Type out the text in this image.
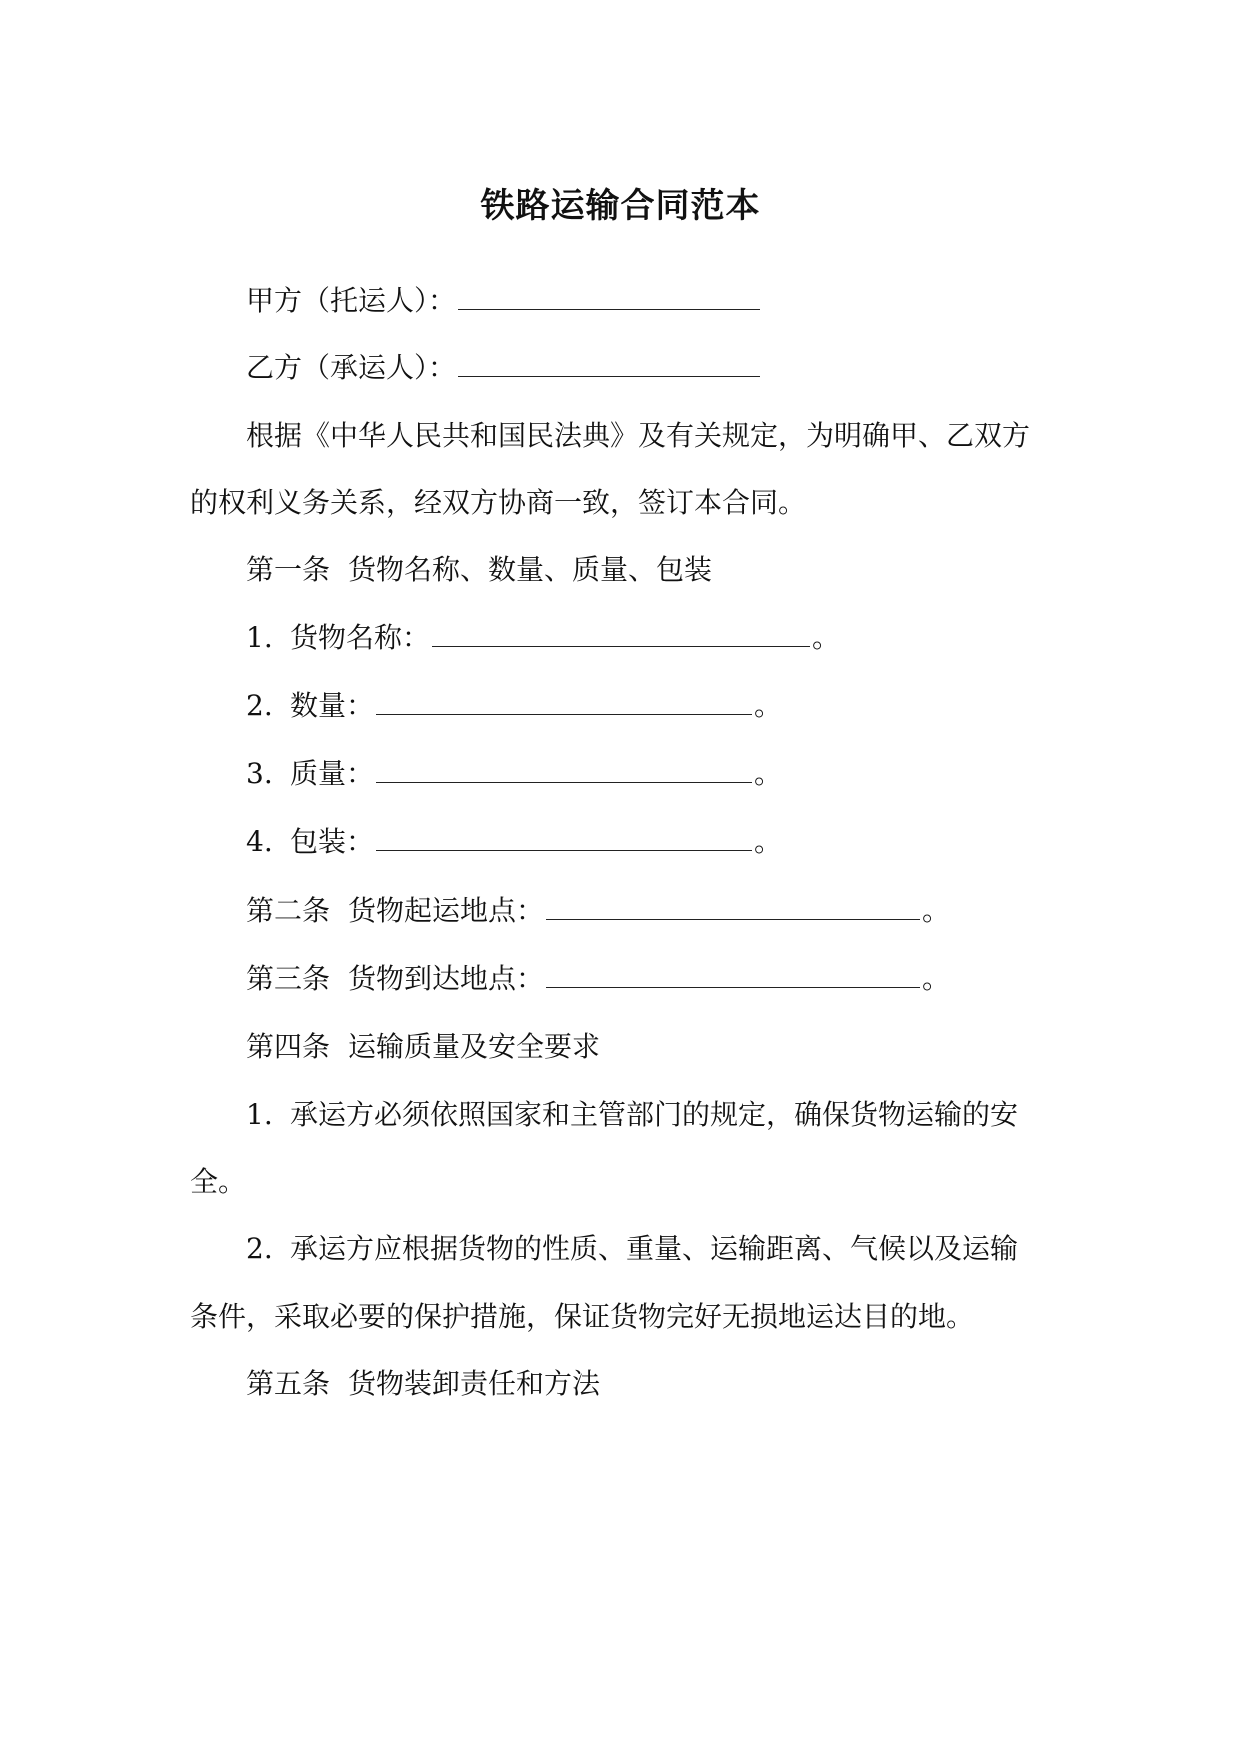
铁路运输合同范本

甲方（托运人）：

乙方（承运人）：

根据《中华人民共和国民法典》及有关规定，为明确甲、乙双方

的权利义务关系，经双方协商一致，签订本合同。

第一条 货物名称、数量、质量、包装

1. 货物名称：	。

2. 数量：	。

3. 质量：	。

4. 包装：	。

第二条 货物起运地点：	。

第三条 货物到达地点：	。

第四条 运输质量及安全要求

1. 承运方必须依照国家和主管部门的规定，确保货物运输的安

全。

2. 承运方应根据货物的性质、重量、运输距离、气候以及运输

条件，采取必要的保护措施，保证货物完好无损地运达目的地。

第五条 货物装卸责任和方法
